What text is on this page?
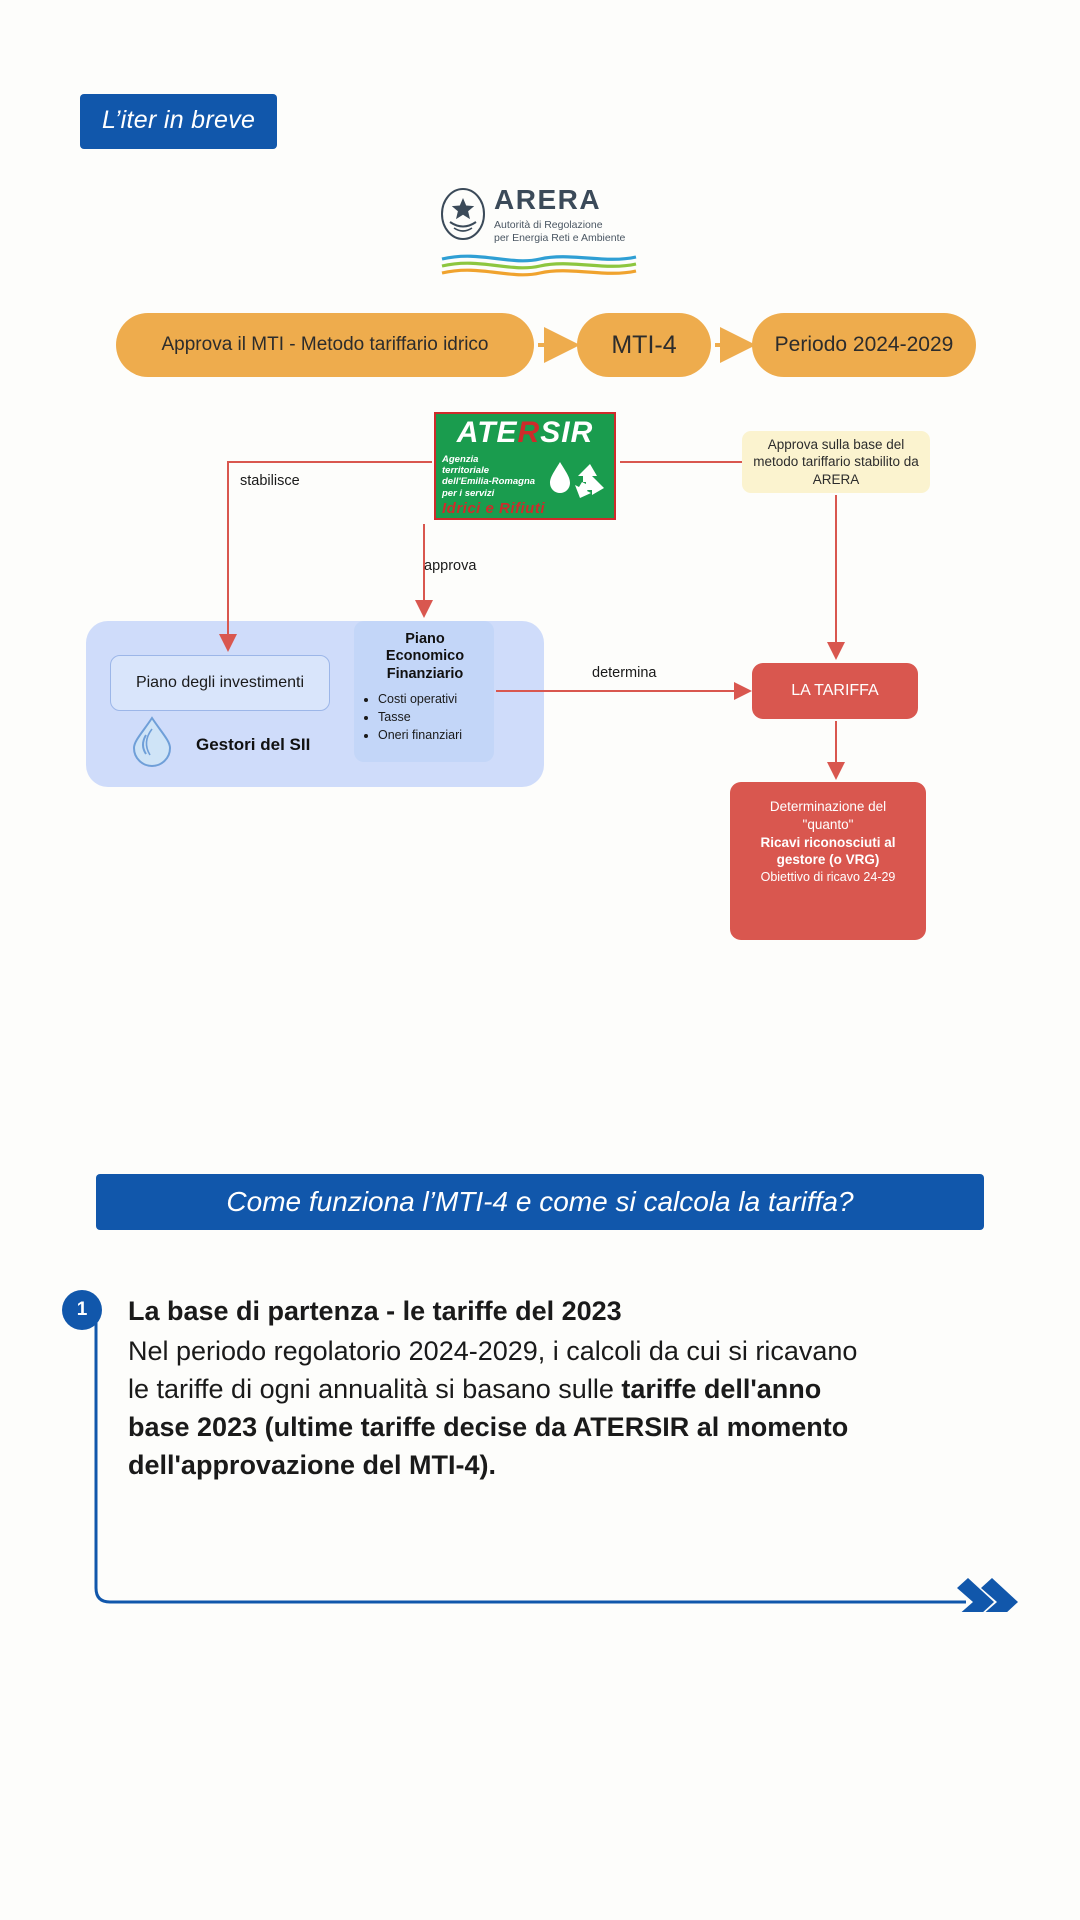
L’iter in breve
ARERA
Autorità di Regolazione
per Energia Reti e Ambiente
Approva il MTI - Metodo tariffario idrico	MTI-4	Periodo 2024-2029
ATERSIR
Agenzia
territoriale
dell'Emilia-Romagna
per i servizi
Idrici e Rifiuti
Approva sulla base del metodo tariffario stabilito da ARERA
Piano degli investimenti
Gestori del SII
Piano
Economico
Finanziario
• Costi operativi
• Tasse
• Oneri finanziari
LA TARIFFA
Determinazione del
"quanto"
Ricavi riconosciuti al
gestore (o VRG)
Obiettivo di ricavo 24-29
stabilisce
approva
determina
Come funziona l’MTI-4 e come si calcola la tariffa?
1 La base di partenza - le tariffe del 2023
Nel periodo regolatorio 2024-2029, i calcoli da cui si ricavano le tariffe di ogni annualità si basano sulle tariffe dell'anno base 2023 (ultime tariffe decise da ATERSIR al momento dell'approvazione del MTI-4).
